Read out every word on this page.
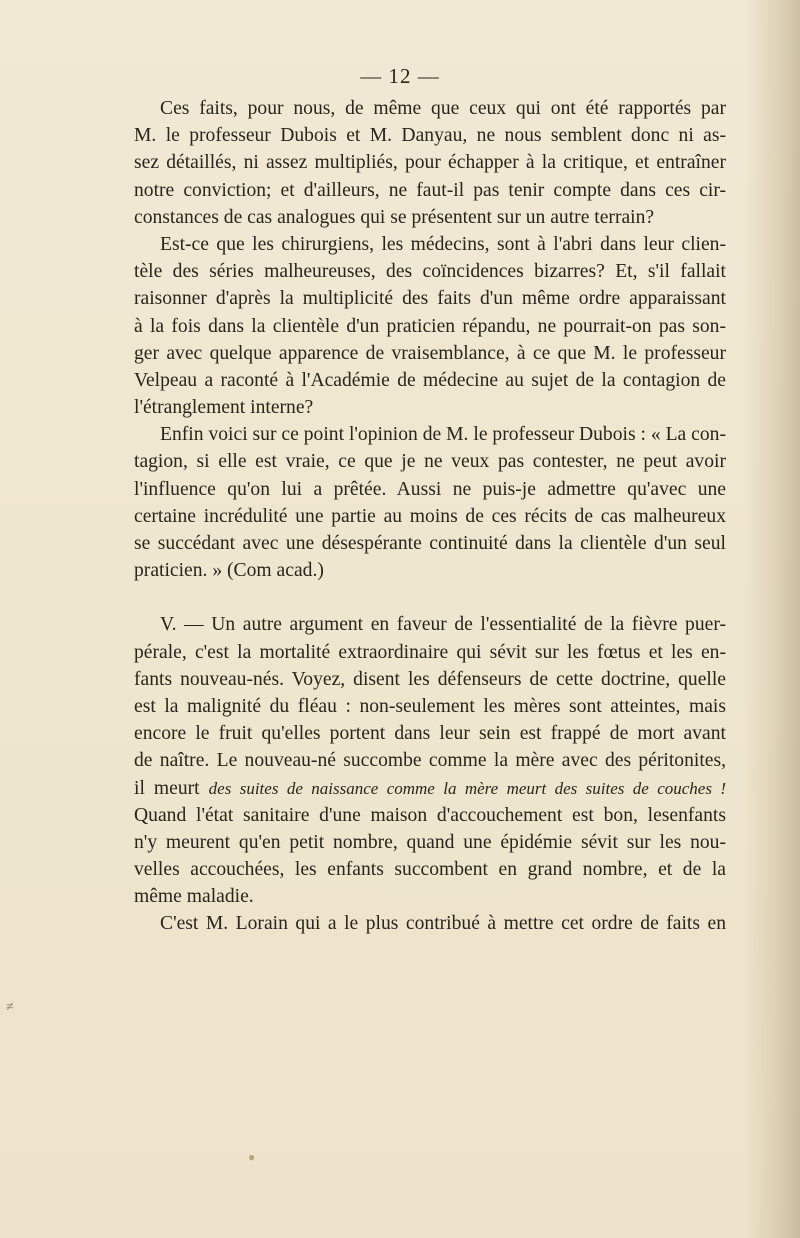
— 12 —
Ces faits, pour nous, de même que ceux qui ont été rapportés par
M. le professeur Dubois et M. Danyau, ne nous semblent donc ni as-
sez détaillés, ni assez multipliés, pour échapper à la critique, et entraîner
notre conviction; et d'ailleurs, ne faut-il pas tenir compte dans ces cir-
constances de cas analogues qui se présentent sur un autre terrain?
Est-ce que les chirurgiens, les médecins, sont à l'abri dans leur clien-
tèle des séries malheureuses, des coïncidences bizarres? Et, s'il fallait
raisonner d'après la multiplicité des faits d'un même ordre apparaissant
à la fois dans la clientèle d'un praticien répandu, ne pourrait-on pas son-
ger avec quelque apparence de vraisemblance, à ce que M. le professeur
Velpeau a raconté à l'Académie de médecine au sujet de la contagion de
l'étranglement interne?
Enfin voici sur ce point l'opinion de M. le professeur Dubois : « La con-
tagion, si elle est vraie, ce que je ne veux pas contester, ne peut avoir
l'influence qu'on lui a prêtée. Aussi ne puis-je admettre qu'avec une
certaine incrédulité une partie au moins de ces récits de cas malheureux
se succédant avec une désespérante continuité dans la clientèle d'un seul
praticien. » (Com acad.)
V. — Un autre argument en faveur de l'essentialité de la fièvre puer-
pérale, c'est la mortalité extraordinaire qui sévit sur les fœtus et les en-
fants nouveau-nés. Voyez, disent les défenseurs de cette doctrine, quelle
est la malignité du fléau : non-seulement les mères sont atteintes, mais
encore le fruit qu'elles portent dans leur sein est frappé de mort avant
de naître. Le nouveau-né succombe comme la mère avec des péritonites,
il meurt des suites de naissance comme la mère meurt des suites de couches !
Quand l'état sanitaire d'une maison d'accouchement est bon, lesenfants
n'y meurent qu'en petit nombre, quand une épidémie sévit sur les nou-
velles accouchées, les enfants succombent en grand nombre, et de la
même maladie.
C'est M. Lorain qui a le plus contribué à mettre cet ordre de faits en
≠
●
